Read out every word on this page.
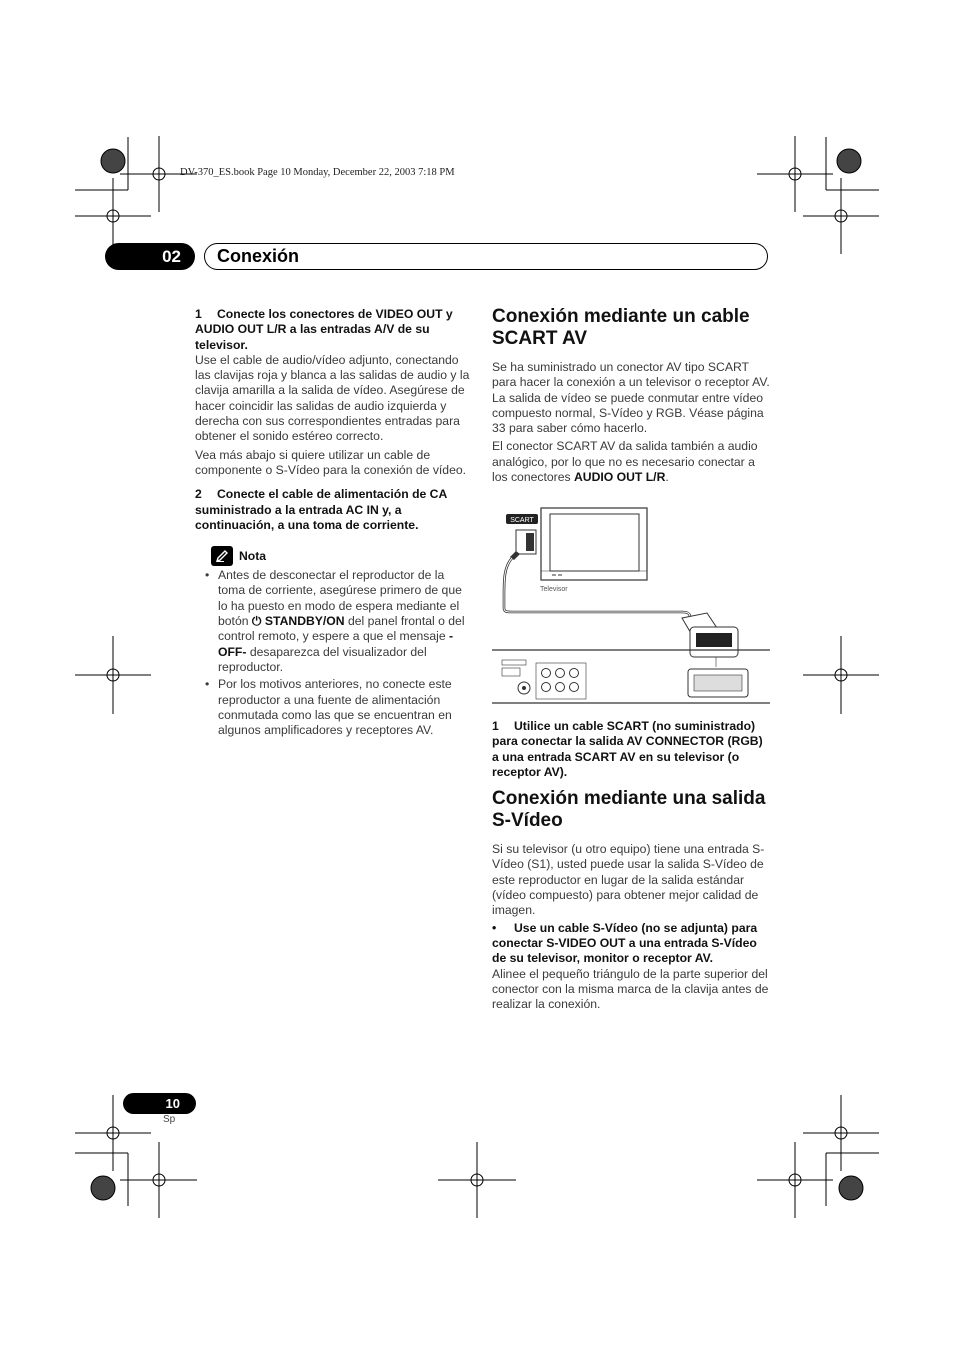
DV-370_ES.book Page 10 Monday, December 22, 2003 7:18 PM
02	Conexión

1 Conecte los conectores de VIDEO OUT y AUDIO OUT L/R a las entradas A/V de su televisor.

Use el cable de audio/vídeo adjunto, conectando las clavijas roja y blanca a las salidas de audio y la clavija amarilla a la salida de vídeo. Asegúrese de hacer coincidir las salidas de audio izquierda y derecha con sus correspondientes entradas para obtener el sonido estéreo correcto.

Vea más abajo si quiere utilizar un cable de componente o S-Vídeo para la conexión de vídeo.

2 Conecte el cable de alimentación de CA suministrado a la entrada AC IN y, a continuación, a una toma de corriente.

Nota
• Antes de desconectar el reproductor de la toma de corriente, asegúrese primero de que lo ha puesto en modo de espera mediante el botón ⏻ STANDBY/ON del panel frontal o del control remoto, y espere a que el mensaje -OFF- desaparezca del visualizador del reproductor.
• Por los motivos anteriores, no conecte este reproductor a una fuente de alimentación conmutada como las que se encuentran en algunos amplificadores y receptores AV.
Conexión mediante un cable SCART AV

Se ha suministrado un conector AV tipo SCART para hacer la conexión a un televisor o receptor AV. La salida de vídeo se puede conmutar entre vídeo compuesto normal, S-Vídeo y RGB. Véase página 33 para saber cómo hacerlo.

El conector SCART AV da salida también a audio analógico, por lo que no es necesario conectar a los conectores AUDIO OUT L/R.

SCART
Televisor

1 Utilice un cable SCART (no suministrado) para conectar la salida AV CONNECTOR (RGB) a una entrada SCART AV en su televisor (o receptor AV).

Conexión mediante una salida S-Vídeo

Si su televisor (u otro equipo) tiene una entrada S-Vídeo (S1), usted puede usar la salida S-Vídeo de este reproductor en lugar de la salida estándar (vídeo compuesto) para obtener mejor calidad de imagen.

• Use un cable S-Vídeo (no se adjunta) para conectar S-VIDEO OUT a una entrada S-Vídeo de su televisor, monitor o receptor AV.

Alinee el pequeño triángulo de la parte superior del conector con la misma marca de la clavija antes de realizar la conexión.

10
Sp
